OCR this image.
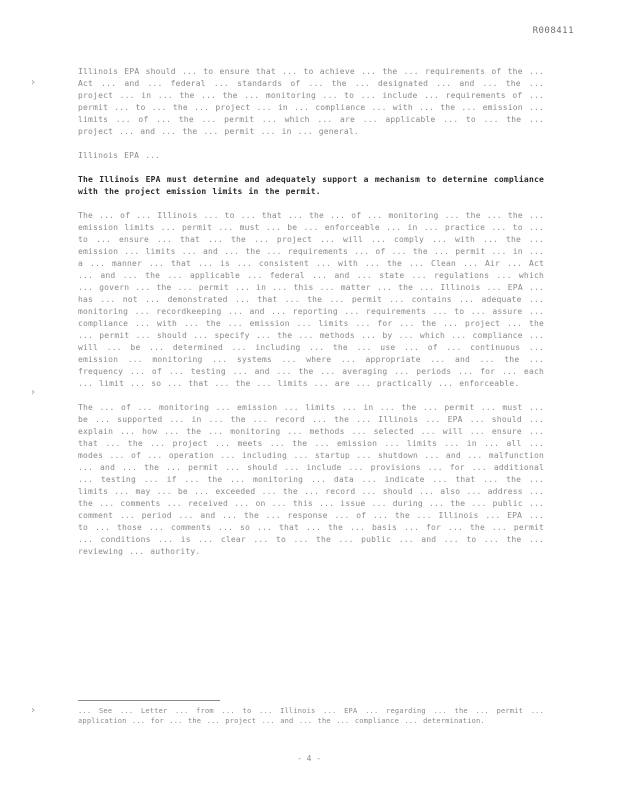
R008411
›
›
›

Illinois EPA should ... to ensure that ... to achieve ... the ... requirements of the ... Act ... and ... federal ... standards of ... the ... designated ... and ... the ... project ... in ... the ... the ... monitoring ... to ... include ... requirements of ... permit ... to ... the ... project ... in ... compliance ... with ... the ... emission ... limits ... of ... the ... permit ... which ... are ... applicable ... to ... the ... project ... and ... the ... permit ... in ... general.

Illinois EPA ...

The Illinois EPA must determine and adequately support a mechanism to determine compliance with the project emission limits in the permit.

The ... of ... Illinois ... to ... that ... the ... of ... monitoring ... the ... the ... emission limits ... permit ... must ... be ... enforceable ... in ... practice ... to ... to ... ensure ... that ... the ... project ... will ... comply ... with ... the ... emission ... limits ... and ... the ... requirements ... of ... the ... permit ... in ... a ... manner ... that ... is ... consistent ... with ... the ... Clean ... Air ... Act ... and ... the ... applicable ... federal ... and ... state ... regulations ... which ... govern ... the ... permit ... in ... this ... matter ... the ... Illinois ... EPA ... has ... not ... demonstrated ... that ... the ... permit ... contains ... adequate ... monitoring ... recordkeeping ... and ... reporting ... requirements ... to ... assure ... compliance ... with ... the ... emission ... limits ... for ... the ... project ... the ... permit ... should ... specify ... the ... methods ... by ... which ... compliance ... will ... be ... determined ... including ... the ... use ... of ... continuous ... emission ... monitoring ... systems ... where ... appropriate ... and ... the ... frequency ... of ... testing ... and ... the ... averaging ... periods ... for ... each ... limit ... so ... that ... the ... limits ... are ... practically ... enforceable.

The ... of ... monitoring ... emission ... limits ... in ... the ... permit ... must ... be ... supported ... in ... the ... record ... the ... Illinois ... EPA ... should ... explain ... how ... the ... monitoring ... methods ... selected ... will ... ensure ... that ... the ... project ... meets ... the ... emission ... limits ... in ... all ... modes ... of ... operation ... including ... startup ... shutdown ... and ... malfunction ... and ... the ... permit ... should ... include ... provisions ... for ... additional ... testing ... if ... the ... monitoring ... data ... indicate ... that ... the ... limits ... may ... be ... exceeded ... the ... record ... should ... also ... address ... the ... comments ... received ... on ... this ... issue ... during ... the ... public ... comment ... period ... and ... the ... response ... of ... the ... Illinois ... EPA ... to ... those ... comments ... so ... that ... the ... basis ... for ... the ... permit ... conditions ... is ... clear ... to ... the ... public ... and ... to ... the ... reviewing ... authority.

... See ... Letter ... from ... to ... Illinois ... EPA ... regarding ... the ... permit ... application ... for ... the ... project ... and ... the ... compliance ... determination.

- 4 -
